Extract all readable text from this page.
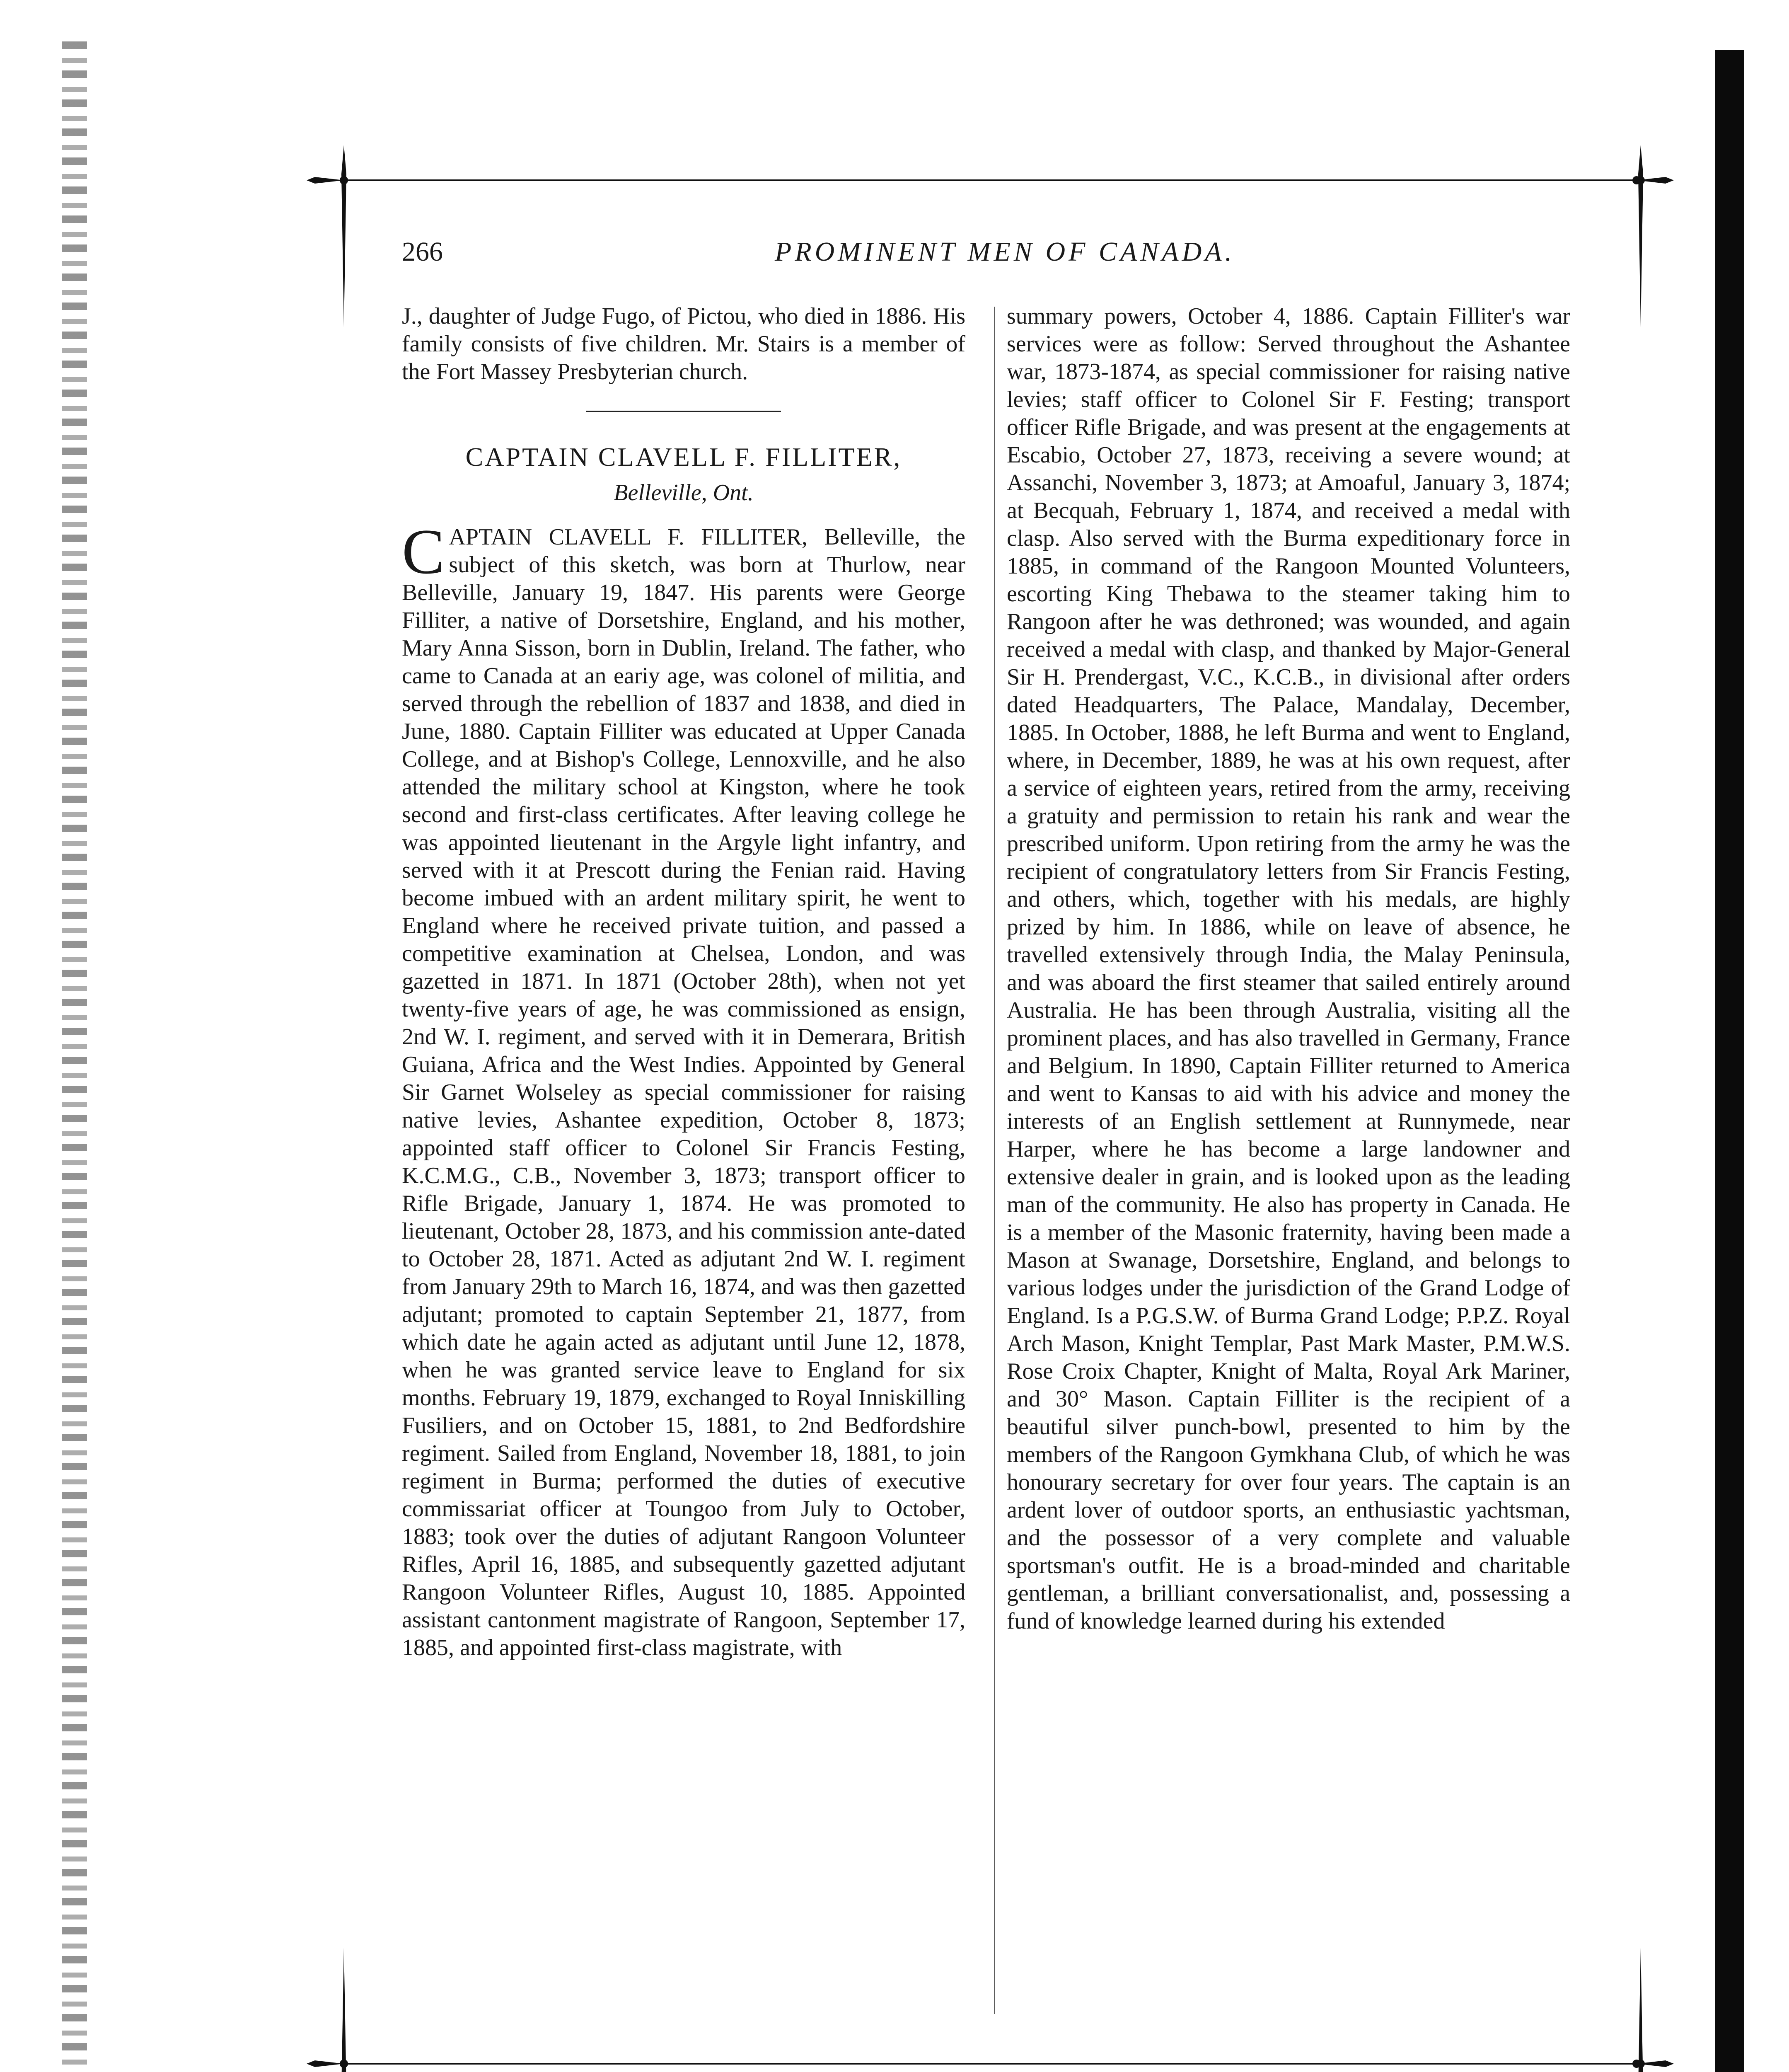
266	PROMINENT MEN OF CANADA.

J., daughter of Judge Fugo, of Pictou, who died in 1886. His family consists of five children. Mr. Stairs is a member of the Fort Massey Presbyterian church.

CAPTAIN CLAVELL F. FILLITER,
Belleville, Ont.

CAPTAIN CLAVELL F. FILLITER, Belleville, the subject of this sketch, was born at Thurlow, near Belleville, January 19, 1847. His parents were George Filliter, a native of Dorsetshire, England, and his mother, Mary Anna Sisson, born in Dublin, Ireland. The father, who came to Canada at an eariy age, was colonel of militia, and served through the rebellion of 1837 and 1838, and died in June, 1880. Captain Filliter was educated at Upper Canada College, and at Bishop's College, Lennoxville, and he also attended the military school at Kingston, where he took second and first-class certificates. After leaving college he was appointed lieutenant in the Argyle light infantry, and served with it at Prescott during the Fenian raid. Having become imbued with an ardent military spirit, he went to England where he received private tuition, and passed a competitive examination at Chelsea, London, and was gazetted in 1871. In 1871 (October 28th), when not yet twenty-five years of age, he was commissioned as ensign, 2nd W. I. regiment, and served with it in Demerara, British Guiana, Africa and the West Indies. Appointed by General Sir Garnet Wolseley as special commissioner for raising native levies, Ashantee expedition, October 8, 1873; appointed staff officer to Colonel Sir Francis Festing, K.C.M.G., C.B., November 3, 1873; transport officer to Rifle Brigade, January 1, 1874. He was promoted to lieutenant, October 28, 1873, and his commission ante-dated to October 28, 1871. Acted as adjutant 2nd W. I. regiment from January 29th to March 16, 1874, and was then gazetted adjutant; promoted to captain September 21, 1877, from which date he again acted as adjutant until June 12, 1878, when he was granted service leave to England for six months. February 19, 1879, exchanged to Royal Inniskilling Fusiliers, and on October 15, 1881, to 2nd Bedfordshire regiment. Sailed from England, November 18, 1881, to join regiment in Burma; performed the duties of executive commissariat officer at Toungoo from July to October, 1883; took over the duties of adjutant Rangoon Volunteer Rifles, April 16, 1885, and subsequently gazetted adjutant Rangoon Volunteer Rifles, August 10, 1885. Appointed assistant cantonment magistrate of Rangoon, September 17, 1885, and appointed first-class magistrate, with

summary powers, October 4, 1886. Captain Filliter's war services were as follow: Served throughout the Ashantee war, 1873-1874, as special commissioner for raising native levies; staff officer to Colonel Sir F. Festing; transport officer Rifle Brigade, and was present at the engagements at Escabio, October 27, 1873, receiving a severe wound; at Assanchi, November 3, 1873; at Amoaful, January 3, 1874; at Becquah, February 1, 1874, and received a medal with clasp. Also served with the Burma expeditionary force in 1885, in command of the Rangoon Mounted Volunteers, escorting King Thebawa to the steamer taking him to Rangoon after he was dethroned; was wounded, and again received a medal with clasp, and thanked by Major-General Sir H. Prendergast, V.C., K.C.B., in divisional after orders dated Headquarters, The Palace, Mandalay, December, 1885. In October, 1888, he left Burma and went to England, where, in December, 1889, he was at his own request, after a service of eighteen years, retired from the army, receiving a gratuity and permission to retain his rank and wear the prescribed uniform. Upon retiring from the army he was the recipient of congratulatory letters from Sir Francis Festing, and others, which, together with his medals, are highly prized by him. In 1886, while on leave of absence, he travelled extensively through India, the Malay Peninsula, and was aboard the first steamer that sailed entirely around Australia. He has been through Australia, visiting all the prominent places, and has also travelled in Germany, France and Belgium. In 1890, Captain Filliter returned to America and went to Kansas to aid with his advice and money the interests of an English settlement at Runnymede, near Harper, where he has become a large landowner and extensive dealer in grain, and is looked upon as the leading man of the community. He also has property in Canada. He is a member of the Masonic fraternity, having been made a Mason at Swanage, Dorsetshire, England, and belongs to various lodges under the jurisdiction of the Grand Lodge of England. Is a P.G.S.W. of Burma Grand Lodge; P.P.Z. Royal Arch Mason, Knight Templar, Past Mark Master, P.M.W.S. Rose Croix Chapter, Knight of Malta, Royal Ark Mariner, and 30° Mason. Captain Filliter is the recipient of a beautiful silver punch-bowl, presented to him by the members of the Rangoon Gymkhana Club, of which he was honourary secretary for over four years. The captain is an ardent lover of outdoor sports, an enthusiastic yachtsman, and the possessor of a very complete and valuable sportsman's outfit. He is a broad-minded and charitable gentleman, a brilliant conversationalist, and, possessing a fund of knowledge learned during his extended
